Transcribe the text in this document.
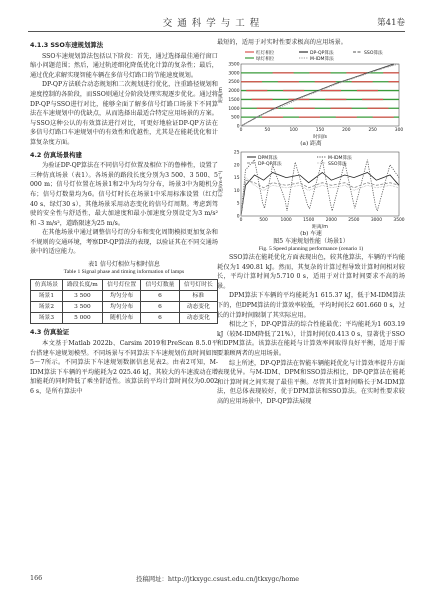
交通科学与工程	第41卷
4.1.3 SSO车速规划算法

SSO车速规划算法包括以下阶段：首先，通过选择最佳通行窗口缩小问题范围；然后，通过轨迹细化降低优化计算的复杂性；最后，通过优化求解实现智能车辆在多信号灯路口的节能速度规划。

DP-QP方法联合动态规划和二次规划进行优化，注重路径规划和速度控制的各阶段，而SSO则通过分阶段处理实现逐步优化。通过将DP-QP与SSO进行对比，能够全面了解多信号灯路口场景下不同算法在车速规划中的优缺点，从而选择出最适合特定应用场景的方案。与SSO这种公认的有效算法进行对比，可更好地验证DP-QP方法在多信号灯路口车速规划中的有效性和优越性，尤其是在能耗优化和计算复杂度方面。

4.2 仿真场景构建

为验证DP-QP算法在不同信号灯位置及相位下的鲁棒性，设置了三种仿真场景（表1）。各场景的路段长度分别为3 500、3 500、5 000 m；信号灯位置在场景1和2中为均匀分布，场景3中为随机分布；信号灯数量均为6。信号灯时长在场景1中采用标准设置（红灯40 s、绿灯30 s），其他场景采用动态变化的信号灯周期。考虑到驾驶的安全性与舒适性，最大加速度和最小加速度分别设定为3 m/s² 和 -3 m/s²，道路限速为25 m/s。

在其他场景中通过调整信号灯的分布和变化周期模拟更加复杂和不规则的交通环境，考察DP-QP算法的表现，以验证其在不同交通场景中的适应能力。

表1 信号灯相位与相时信息
Table 1 Signal phase and timing information of lamps
仿真场景	路段长度/m	信号灯位置	信号灯数量	信号灯时长
场景1	3 500	均匀分布	6	标准
场景2	3 500	均匀分布	6	动态变化
场景3	5 000	随机分布	6	动态变化
4.3 仿真验证

本文基于Matlab 2022b、Carsim 2019和PreScan 8.5.0平台搭建车速规划模型。不同场景与不同算法下车速规划仿真时间如图5～7所示。不同算法下车速规划数据信息见表2。由表2可知，M-IDM算法下车辆的平均能耗为2 025.46 kJ，其较大的车速波动在增加能耗的同时降低了乘坐舒适性。该算法的平均计算时间仅为0.002 6 s，是所有算法中

最短的，适用于对实时性要求极高的应用场景。

红灯相位	DP-QP算法	SSO算法
绿灯相位	M-IDM算法
0
500
1000
1500
2000
2500
3000
3500
0	50	100	150	200	250	300
距离/m
时间/s
(a) 距离
DPM算法	M-IDM算法
DP-QP算法	SSO算法
0
5
10
15
20
25
0	500	1000	1500	2000	2500	3000	3500
车速/(m·s⁻¹)
距离/m
(b) 车速
图5 车速规划性能（场景1）
Fig. 5 Speed planning performance (cenario 1)

SSO算法在能耗优化方面表现出色，较其他算法，车辆的平均能耗仅为1 490.81 kJ。然而，其复杂的计算过程导致计算时间相对较长，平均计算时间为5.710 0 s，适用于对计算时间要求不高的场景。

DPM算法下车辆的平均能耗为1 615.37 kJ，低于M-IDM算法下的，但DPM算法的计算效率较低，平均时间长2 601.660 0 s，过长的计算时间限制了其实际应用。

相比之下，DP-QP算法的综合性能最优；平均能耗为1 603.19 kJ（较M-IDM降低了21%），计算时间仅0.413 0 s，显著优于SSO和DPM算法。该算法在能耗与计算效率间取得良好平衡，适用于需要兼顾两者的应用场景。

综上所述，DP-QP算法在智能车辆能耗优化与计算效率提升方面表现优异。与M-IDM、DPM和SSO算法相比，DP-QP算法在能耗和计算时间之间实现了最佳平衡。尽管其计算时间略长于M-IDM算法，但总体表现较好，优于DPM算法和SSO算法。在实时性要求较高的应用场景中，DP-QP算法展现

166	投稿网址：http://jtkxygc.csust.edu.cn/jtkxygc/home
